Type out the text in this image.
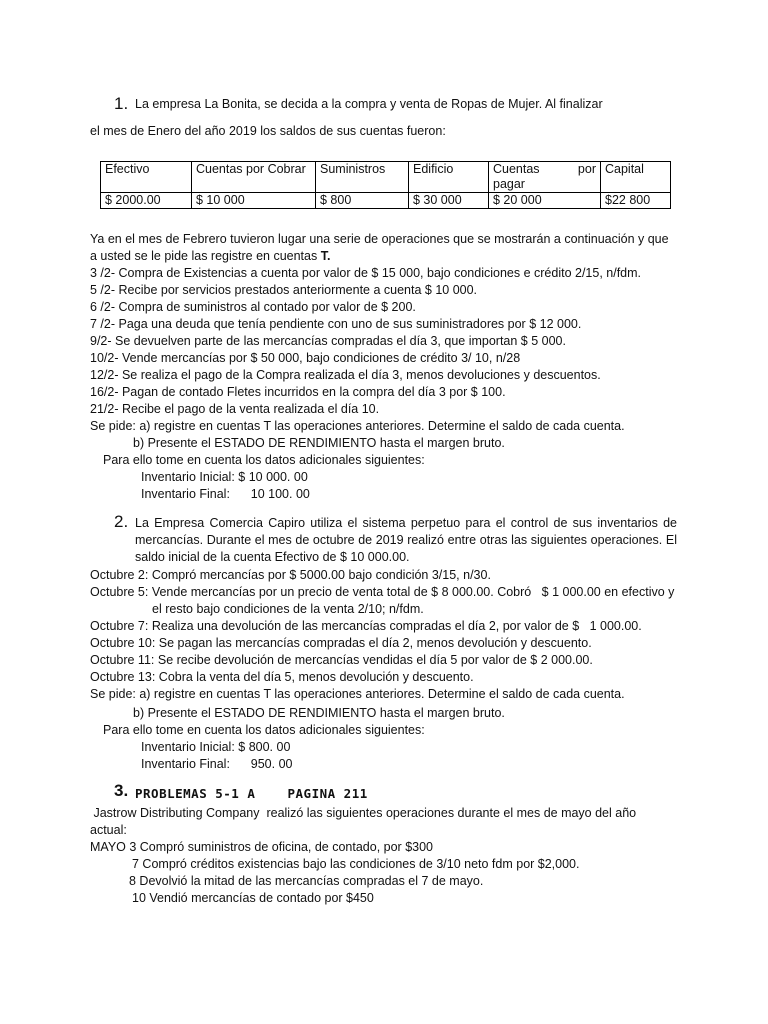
1. La empresa La Bonita, se decida a la compra y venta de Ropas de Mujer. Al finalizar
el mes de Enero del año 2019 los saldos de sus cuentas fueron:
Efectivo	Cuentas por Cobrar	Suministros	Edificio	Cuentas por
pagar	Capital
$ 2000.00	$ 10 000	$ 800	$ 30 000	$ 20 000	$22 800
Ya en el mes de Febrero tuvieron lugar una serie de operaciones que se mostrarán a continuación y que
a usted se le pide las registre en cuentas T.
3 /2- Compra de Existencias a cuenta por valor de $ 15 000, bajo condiciones e crédito 2/15, n/fdm.
5 /2- Recibe por servicios prestados anteriormente a cuenta $ 10 000.
6 /2- Compra de suministros al contado por valor de $ 200.
7 /2- Paga una deuda que tenía pendiente con uno de sus suministradores por $ 12 000.
9/2- Se devuelven parte de las mercancías compradas el día 3, que importan $ 5 000.
10/2- Vende mercancías por $ 50 000, bajo condiciones de crédito 3/ 10, n/28
12/2- Se realiza el pago de la Compra realizada el día 3, menos devoluciones y descuentos.
16/2- Pagan de contado Fletes incurridos en la compra del día 3 por $ 100.
21/2- Recibe el pago de la venta realizada el día 10.
Se pide: a) registre en cuentas T las operaciones anteriores. Determine el saldo de cada cuenta.
b) Presente el ESTADO DE RENDIMIENTO hasta el margen bruto.
Para ello tome en cuenta los datos adicionales siguientes:
Inventario Inicial: $ 10 000. 00
Inventario Final:      10 100. 00
2. La Empresa Comercia Capiro utiliza el sistema perpetuo para el control de sus inventarios de
mercancías. Durante el mes de octubre de 2019 realizó entre otras las siguientes operaciones. El
saldo inicial de la cuenta Efectivo de $ 10 000.00.
Octubre 2: Compró mercancías por $ 5000.00 bajo condición 3/15, n/30.
Octubre 5: Vende mercancías por un precio de venta total de $ 8 000.00. Cobró   $ 1 000.00 en efectivo y
el resto bajo condiciones de la venta 2/10; n/fdm.
Octubre 7: Realiza una devolución de las mercancías compradas el día 2, por valor de $   1 000.00.
Octubre 10: Se pagan las mercancías compradas el día 2, menos devolución y descuento.
Octubre 11: Se recibe devolución de mercancías vendidas el día 5 por valor de $ 2 000.00.
Octubre 13: Cobra la venta del día 5, menos devolución y descuento.
Se pide: a) registre en cuentas T las operaciones anteriores. Determine el saldo de cada cuenta.
b) Presente el ESTADO DE RENDIMIENTO hasta el margen bruto.
Para ello tome en cuenta los datos adicionales siguientes:
Inventario Inicial: $ 800. 00
Inventario Final:      950. 00
3. PROBLEMAS 5-1 A    PAGINA 211
Jastrow Distributing Company  realizó las siguientes operaciones durante el mes de mayo del año
actual:
MAYO 3 Compró suministros de oficina, de contado, por $300
7 Compró créditos existencias bajo las condiciones de 3/10 neto fdm por $2,000.
8 Devolvió la mitad de las mercancías compradas el 7 de mayo.
10 Vendió mercancías de contado por $450
